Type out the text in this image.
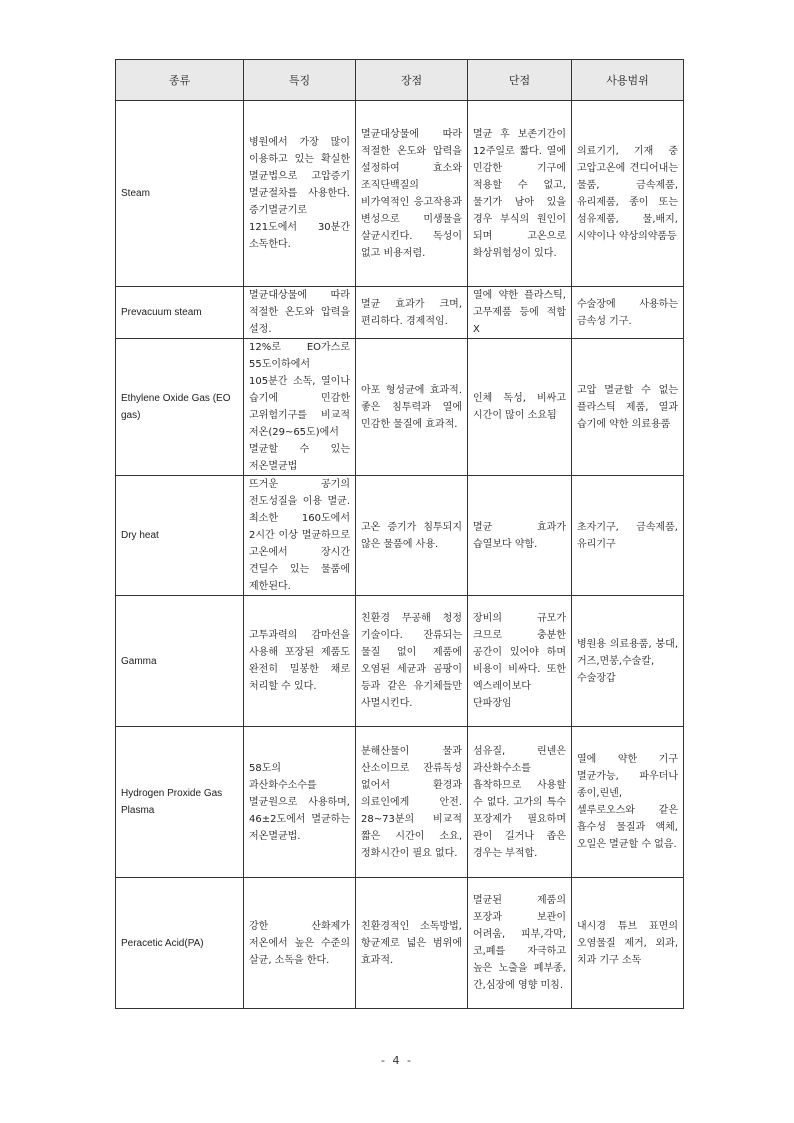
종류	특징	장점	단점	사용범위
Steam	병원에서 가장 많이 이용하고 있는 확실한 멸균법으로 고압증기 멸균절차를 사용한다. 증기멸균기로 121도에서 30분간 소독한다.	멸균대상물에 따라 적절한 온도와 압력을 설정하여 효소와 조직단백질의 비가역적인 응고작용과 변성으로 미생물을 살균시킨다. 독성이 없고 비용저렴.	멸균 후 보존기간이 12주일로 짧다. 열에 민감한 기구에 적용할 수 없고, 물기가 남아 있을 경우 부식의 원인이 되며 고온으로 화상위험성이 있다.	의료기기, 기재 중 고압고온에 견디어내는 물품, 금속제품, 유리제품, 종이 또는 섬유제품, 물,배지,시약이나 약상의약품등
Prevacuum steam	멸균대상물에 따라 적절한 온도와 압력을 설정.	멸균 효과가 크며, 편리하다. 경제적임.	열에 약한 플라스틱, 고무제품 등에 적합 X	수술장에 사용하는 금속성 기구.
Ethylene Oxide Gas (EO gas)	12%로 EO가스로 55도이하에서 105분간 소독, 열이나 습기에 민감한 고위험기구를 비교적 저온(29~65도)에서 멸균할 수 있는 저온멸균법	아포 형성균에 효과적. 좋은 침투력과 열에 민감한 물질에 효과적.	인체 독성, 비싸고 시간이 많이 소요됨	고압 멸균할 수 없는 플라스틱 제품, 열과 습기에 약한 의료용품
Dry heat	뜨거운 공기의 전도성질을 이용 멸균. 최소한 160도에서 2시간 이상 멸균하므로 고온에서 장시간 견딜수 있는 물품에 제한된다.	고온 증기가 침투되지 않은 물품에 사용.	멸균 효과가 습열보다 약함.	초자기구, 금속제품, 유리기구
Gamma	고투과력의 감마선을 사용해 포장된 제품도 완전히 밀봉한 채로 처리할 수 있다.	친환경 무공해 청정 기술이다. 잔류되는 물질 없이 제품에 오염된 세균과 곰팡이 등과 같은 유기체들만 사멸시킨다.	장비의 규모가 크므로 충분한 공간이 있어야 하며 비용이 비싸다. 또한 엑스레이보다 단파장임	병원용 의료용품, 붕대,거즈,면봉,수술칼,수술장갑
Hydrogen Proxide Gas Plasma	58도의 과산화수소수를 멸균원으로 사용하며, 46±2도에서 멸균하는 저온멸균법.	분해산물이 물과 산소이므로 잔류독성 없어서 환경과 의료인에게 안전. 28~73분의 비교적 짧은 시간이 소요, 정화시간이 필요 없다.	섬유질, 린넨은 과산화수소를 흡착하므로 사용할 수 없다. 고가의 특수 포장제가 필요하며 관이 길거나 좁은 경우는 부적합.	열에 약한 기구 멸균가능, 파우더나 종이,린넨,셀루로오스와 같은 흡수성 물질과 액체, 오일은 멸균할 수 없음.
Peracetic Acid(PA)	강한 산화제가 저온에서 높은 수준의 살균, 소독을 한다.	친환경적인 소독방법,항균제로 넓은 범위에 효과적.	멸균된 제품의 포장과 보관이 어려움, 피부,각막,코,폐를 자극하고 높은 노출을 폐부종,간,심장에 영향 미침.	내시경 튜브 표면의 오염물질 제거, 외과,치과 기구 소독
- 4 -
